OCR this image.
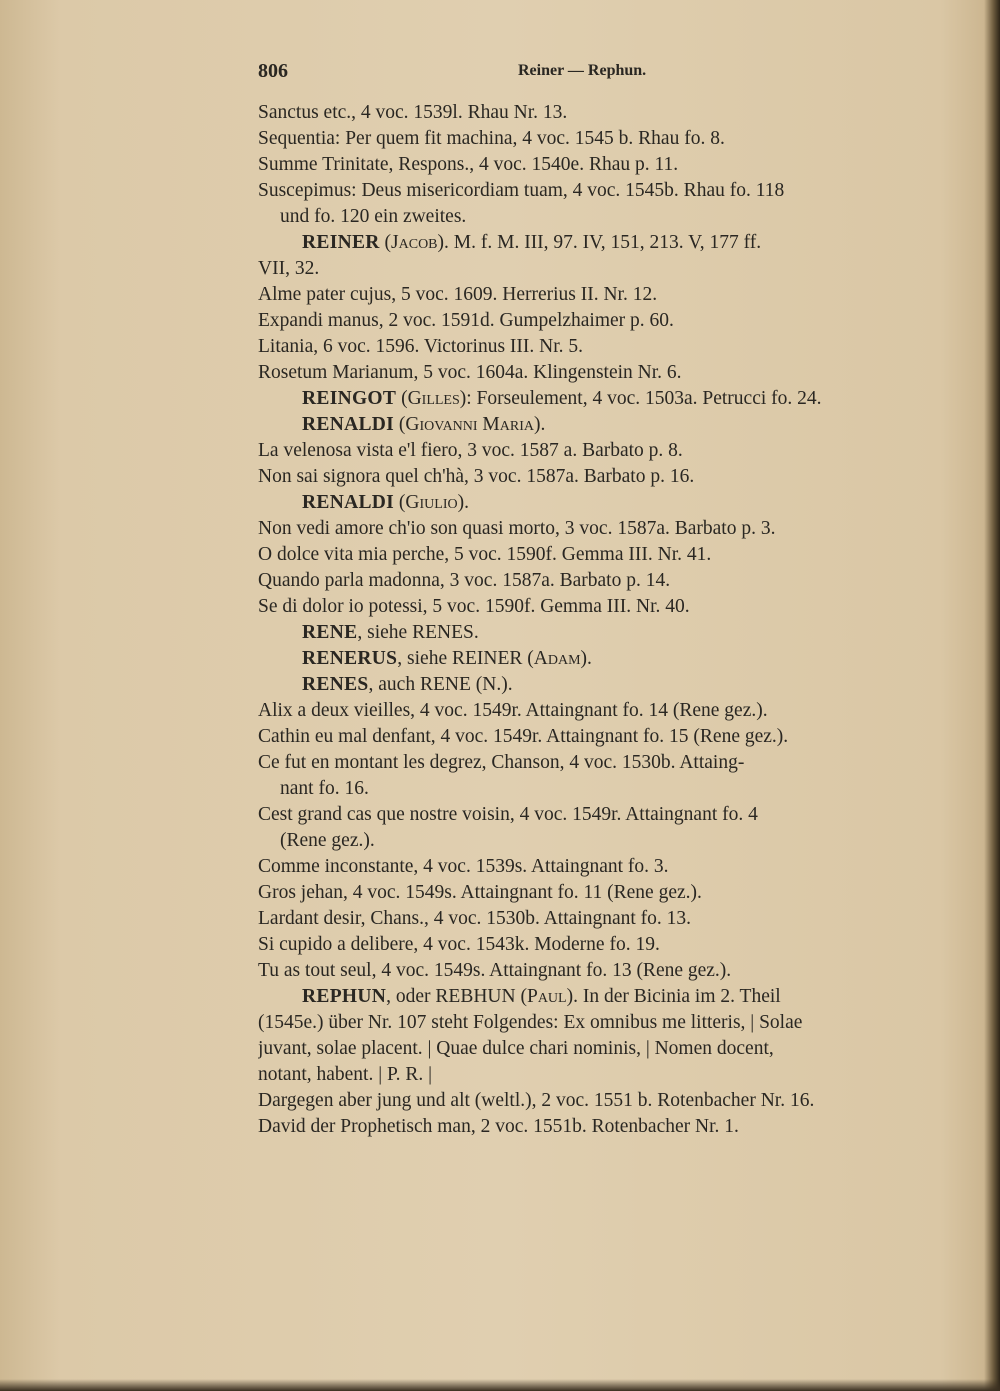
806	Reiner — Rephun.
Sanctus etc., 4 voc. 1539l. Rhau Nr. 13.
Sequentia: Per quem fit machina, 4 voc. 1545 b. Rhau fo. 8.
Summe Trinitate, Respons., 4 voc. 1540e. Rhau p. 11.
Suscepimus: Deus misericordiam tuam, 4 voc. 1545b. Rhau fo. 118
und fo. 120 ein zweites.
REINER (Jacob). M. f. M. III, 97. IV, 151, 213. V, 177 ff.
VII, 32.
Alme pater cujus, 5 voc. 1609. Herrerius II. Nr. 12.
Expandi manus, 2 voc. 1591d. Gumpelzhaimer p. 60.
Litania, 6 voc. 1596. Victorinus III. Nr. 5.
Rosetum Marianum, 5 voc. 1604a. Klingenstein Nr. 6.
REINGOT (Gilles): Forseulement, 4 voc. 1503a. Petrucci fo. 24.
RENALDI (Giovanni Maria).
La velenosa vista e'l fiero, 3 voc. 1587 a. Barbato p. 8.
Non sai signora quel ch'hà, 3 voc. 1587a. Barbato p. 16.
RENALDI (Giulio).
Non vedi amore ch'io son quasi morto, 3 voc. 1587a. Barbato p. 3.
O dolce vita mia perche, 5 voc. 1590f. Gemma III. Nr. 41.
Quando parla madonna, 3 voc. 1587a. Barbato p. 14.
Se di dolor io potessi, 5 voc. 1590f. Gemma III. Nr. 40.
RENE, siehe RENES.
RENERUS, siehe REINER (Adam).
RENES, auch RENE (N.).
Alix a deux vieilles, 4 voc. 1549r. Attaingnant fo. 14 (Rene gez.).
Cathin eu mal denfant, 4 voc. 1549r. Attaingnant fo. 15 (Rene gez.).
Ce fut en montant les degrez, Chanson, 4 voc. 1530b. Attaing-
nant fo. 16.
Cest grand cas que nostre voisin, 4 voc. 1549r. Attaingnant fo. 4
(Rene gez.).
Comme inconstante, 4 voc. 1539s. Attaingnant fo. 3.
Gros jehan, 4 voc. 1549s. Attaingnant fo. 11 (Rene gez.).
Lardant desir, Chans., 4 voc. 1530b. Attaingnant fo. 13.
Si cupido a delibere, 4 voc. 1543k. Moderne fo. 19.
Tu as tout seul, 4 voc. 1549s. Attaingnant fo. 13 (Rene gez.).
REPHUN, oder REBHUN (Paul). In der Bicinia im 2. Theil
(1545e.) über Nr. 107 steht Folgendes: Ex omnibus me litteris, | Solae
juvant, solae placent. | Quae dulce chari nominis, | Nomen docent,
notant, habent. | P. R. |
Dargegen aber jung und alt (weltl.), 2 voc. 1551 b. Rotenbacher Nr. 16.
David der Prophetisch man, 2 voc. 1551b. Rotenbacher Nr. 1.
